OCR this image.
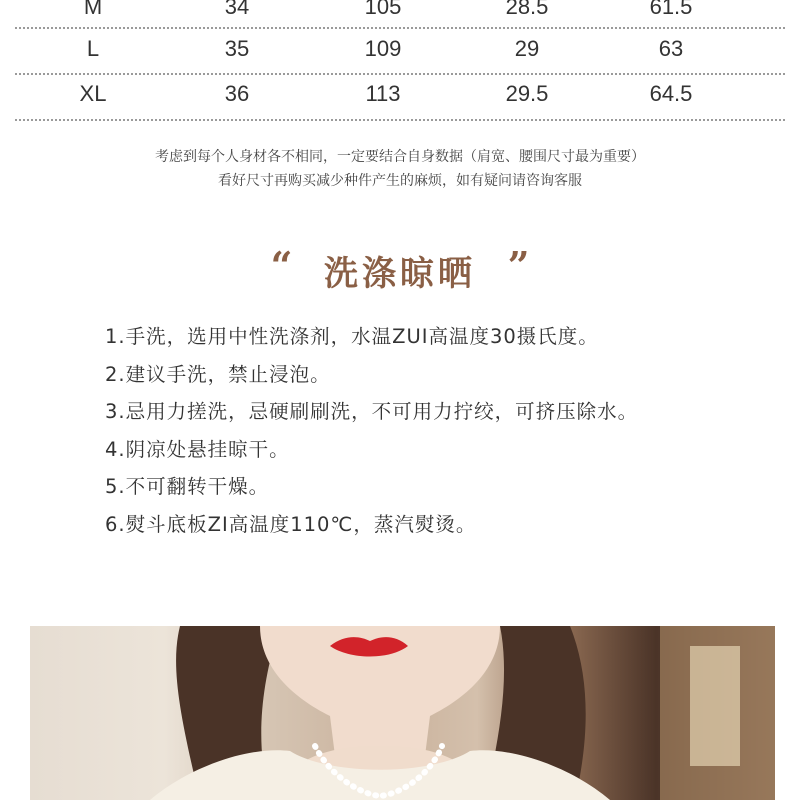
M	34	105	28.5	61.5
L	35	109	29	63
XL	36	113	29.5	64.5
考虑到每个人身材各不相同，一定要结合自身数据（肩宽、腰围尺寸最为重要）
看好尺寸再购买减少种件产生的麻烦，如有疑问请咨询客服
“ 洗涤晾晒 ”
1.手洗，选用中性洗涤剂，水温ZUI高温度30摄氏度。
2.建议手洗，禁止浸泡。
3.忌用力搓洗，忌硬刷刷洗，不可用力拧绞，可挤压除水。
4.阴凉处悬挂晾干。
5.不可翻转干燥。
6.熨斗底板ZI高温度110℃，蒸汽熨烫。
